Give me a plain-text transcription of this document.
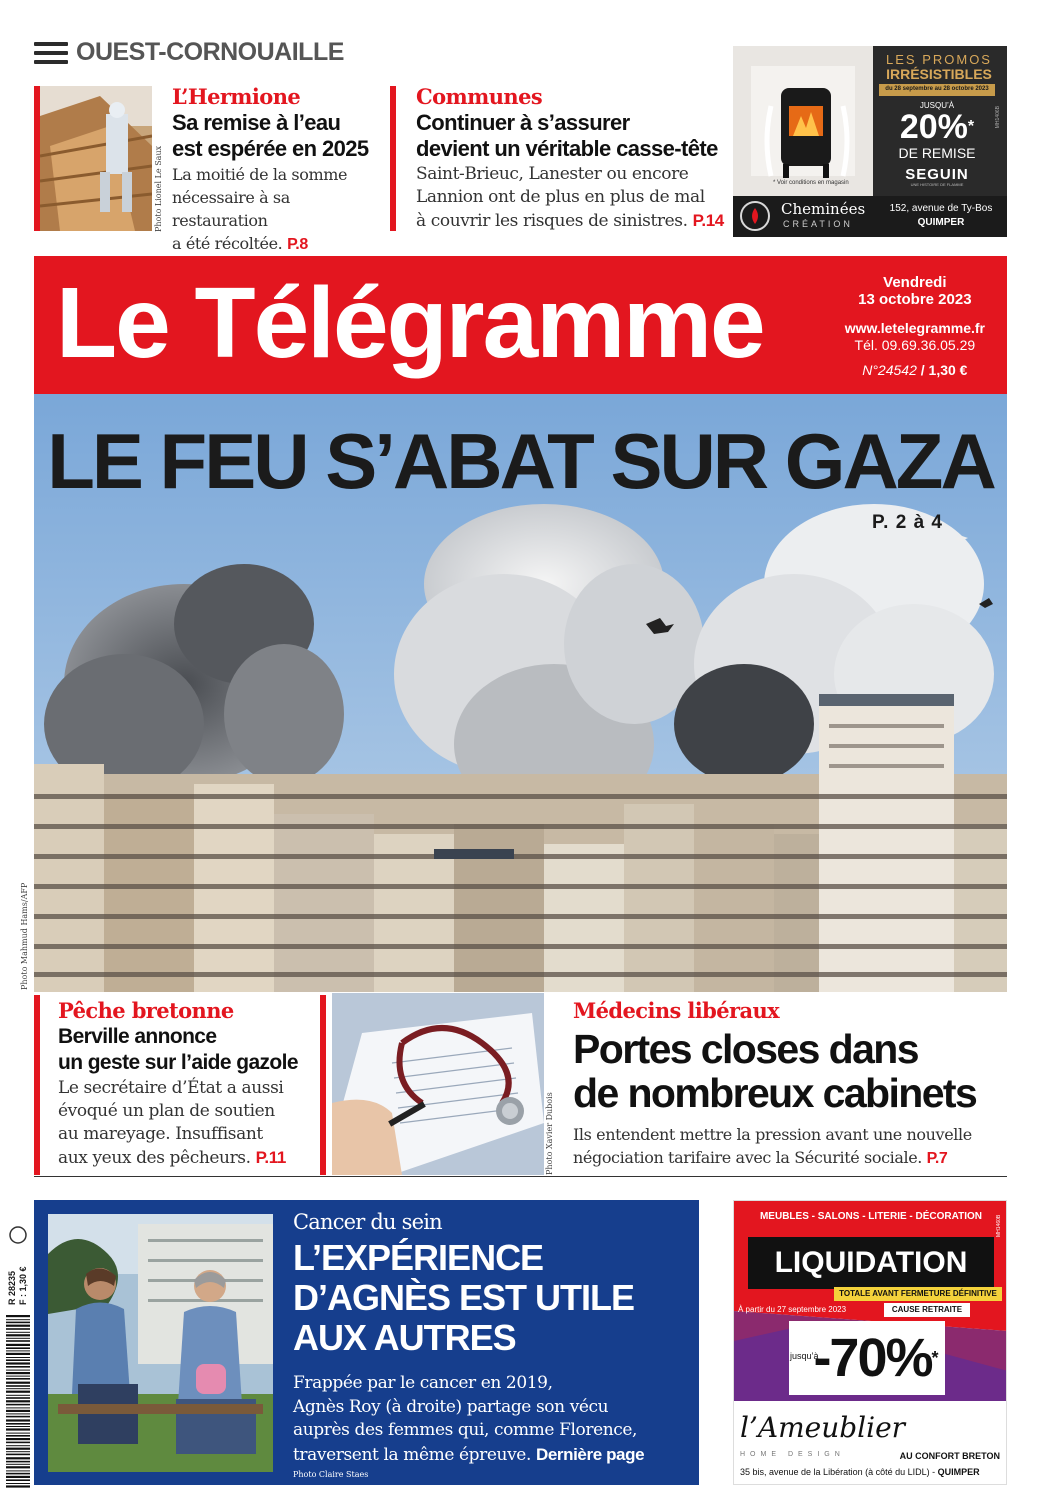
OUEST-CORNOUAILLE
Photo Lionel Le Saux
L’Hermione
Sa remise à l’eau
est espérée en 2025
La moitié de la somme
nécessaire à sa restauration
a été récoltée. P.8
Communes
Continuer à s’assurer
devient un véritable casse-tête
Saint-Brieuc, Lanester ou encore
Lannion ont de plus en plus de mal
à couvrir les risques de sinistres. P.14
LES PROMOS
IRRÉSISTIBLES
du 28 septembre au 28 octobre 2023
JUSQU’À
20%*
DE REMISE
SEGUIN
UNE HISTOIRE DE FLAMME
* Voir conditions en magasin
Cheminées
CRÉATION
152, avenue de Ty-Bos
QUIMPER
MH1406B
Le Télégramme	Vendredi
13 octobre 2023
www.letelegramme.fr
Tél. 09.69.36.05.29
N°24542 / 1,30 €
LE FEU S’ABAT SUR GAZA
P. 2 à 4
Photo Mahmud Hams/AFP
Pêche bretonne
Berville annonce
un geste sur l’aide gazole
Le secrétaire d’État a aussi
évoqué un plan de soutien
au mareyage. Insuffisant
aux yeux des pêcheurs. P.11	Photo Xavier Dubois
Médecins libéraux
Portes closes dans
de nombreux cabinets
Ils entendent mettre la pression avant une nouvelle
négociation tarifaire avec la Sécurité sociale. P.7
R 28235 F : 1,30 €
Cancer du sein
L’EXPÉRIENCE
D’AGNÈS EST UTILE
AUX AUTRES
Frappée par le cancer en 2019,
Agnès Roy (à droite) partage son vécu
auprès des femmes qui, comme Florence,
traversent la même épreuve. Dernière page
Photo Claire Staes
MEUBLES - SALONS - LITERIE - DÉCORATION
LIQUIDATION
TOTALE AVANT FERMETURE DÉFINITIVE
À partir du 27 septembre 2023	CAUSE RETRAITE
jusqu’à
-70%*
l’Ameublier
HOME DESIGN	AU CONFORT BRETON
35 bis, avenue de la Libération (à côté du LIDL) - QUIMPER
MH1460B
